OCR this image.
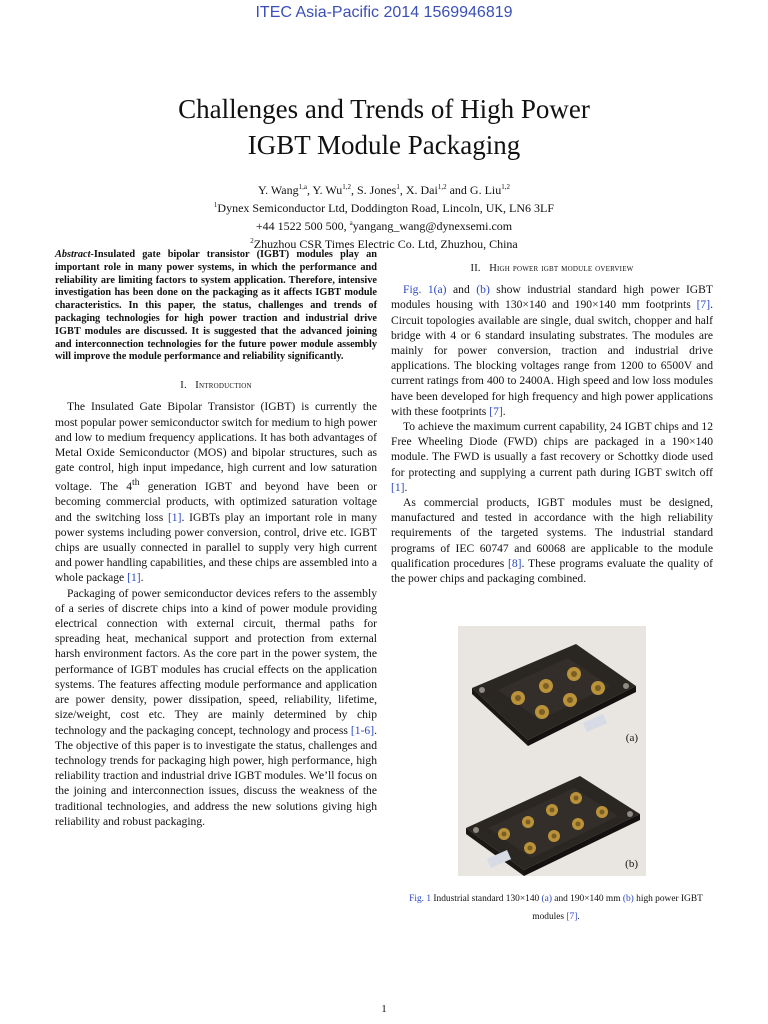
ITEC Asia-Pacific 2014 1569946819
Challenges and Trends of High Power
IGBT Module Packaging
Y. Wang$^{1,a}$, Y. Wu$^{1,2}$, S. Jones$^1$, X. Dai$^{1,2}$ and G. Liu$^{1,2}$
$^1$Dynex Semiconductor Ltd, Doddington Road, Lincoln, UK, LN6 3LF
+44 1522 500 500, $^a$yangang_wang@dynexsemi.com
$^2$Zhuzhou CSR Times Electric Co. Ltd, Zhuzhou, China

Abstract-Insulated gate bipolar transistor (IGBT) modules play an important role in many power systems, in which the performance and reliability are limiting factors to system application. Therefore, intensive investigation has been done on the packaging as it affects IGBT module characteristics. In this paper, the status, challenges and trends of packaging technologies for high power traction and industrial drive IGBT modules are discussed. It is suggested that the advanced joining and interconnection technologies for the future power module assembly will improve the module performance and reliability significantly.

I. Introduction

The Insulated Gate Bipolar Transistor (IGBT) is currently the most popular power semiconductor switch for medium to high power and low to medium frequency applications. It has both advantages of Metal Oxide Semiconductor (MOS) and bipolar structures, such as gate control, high input impedance, high current and low saturation voltage. The 4th generation IGBT and beyond have been or becoming commercial products, with optimized saturation voltage and the switching loss [1]. IGBTs play an important role in many power systems including power conversion, control, drive etc. IGBT chips are usually connected in parallel to supply very high current and power handling capabilities, and these chips are assembled into a whole package [1].

Packaging of power semiconductor devices refers to the assembly of a series of discrete chips into a kind of power module providing electrical connection with external circuit, thermal paths for spreading heat, mechanical support and protection from external harsh environment factors. As the core part in the power system, the performance of IGBT modules has crucial effects on the application systems. The features affecting module performance and application are power density, power dissipation, speed, reliability, lifetime, size/weight, cost etc. They are mainly determined by chip technology and the packaging concept, technology and process [1-6]. The objective of this paper is to investigate the status, challenges and technology trends for packaging high power, high performance, high reliability traction and industrial drive IGBT modules. We’ll focus on the joining and interconnection issues, discuss the weakness of the traditional technologies, and address the new solutions giving high reliability and robust packaging.

II. High power igbt module overview

Fig. 1(a) and (b) show industrial standard high power IGBT modules housing with 130×140 and 190×140 mm footprints [7]. Circuit topologies available are single, dual switch, chopper and half bridge with 4 or 6 standard insulating substrates. The modules are mainly for power conversion, traction and industrial drive applications. The blocking voltages range from 1200 to 6500V and current ratings from 400 to 2400A. High speed and low loss modules have been developed for high frequency and high power applications with these footprints [7].

To achieve the maximum current capability, 24 IGBT chips and 12 Free Wheeling Diode (FWD) chips are packaged in a 190×140 module. The FWD is usually a fast recovery or Schottky diode used for protecting and supplying a current path during IGBT switch off [1].

As commercial products, IGBT modules must be designed, manufactured and tested in accordance with the high reliability requirements of the targeted systems. The industrial standard programs of IEC 60747 and 60068 are applicable to the module qualification procedures [8]. These programs evaluate the quality of the power chips and packaging combined.

(a)
(b)
Fig. 1 Industrial standard 130×140 (a) and 190×140 mm (b) high power IGBT modules [7].
1
